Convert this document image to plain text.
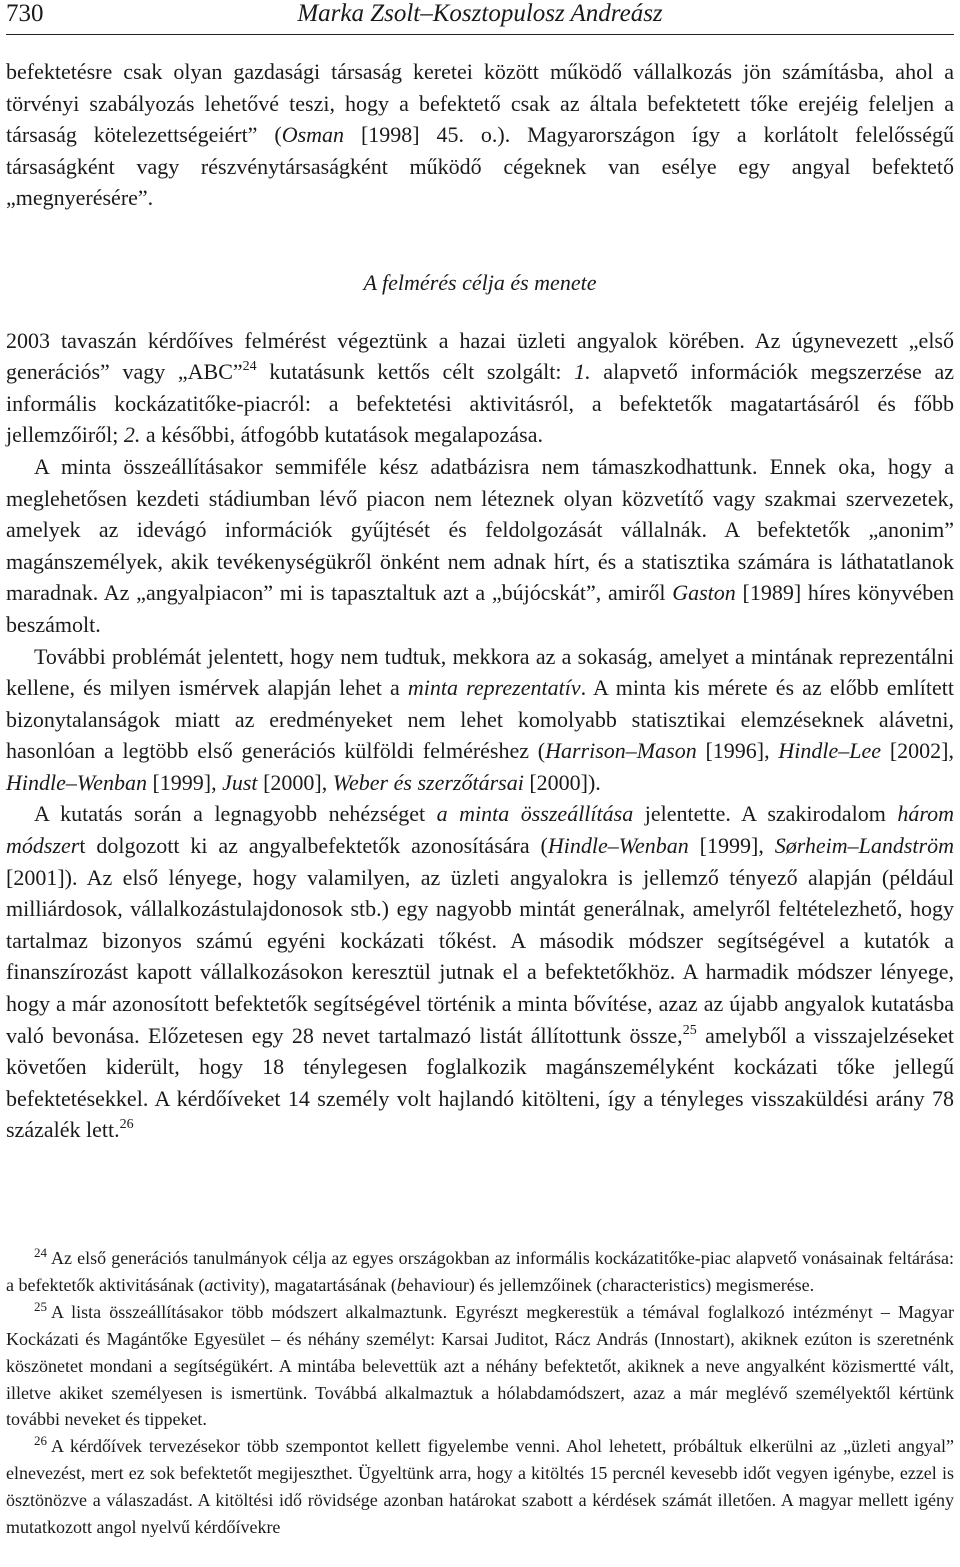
730	Marka Zsolt–Kosztopulosz Andreász

befektetésre csak olyan gazdasági társaság keretei között működő vállalkozás jön számításba, ahol a törvényi szabályozás lehetővé teszi, hogy a befektető csak az általa befektetett tőke erejéig feleljen a társaság kötelezettségeiért” (Osman [1998] 45. o.). Magyarországon így a korlátolt felelősségű társaságként vagy részvénytársaságként működő cégeknek van esélye egy angyal befektető „megnyerésére”.

A felmérés célja és menete

2003 tavaszán kérdőíves felmérést végeztünk a hazai üzleti angyalok körében. Az úgynevezett „első generációs” vagy „ABC”$^{24}$ kutatásunk kettős célt szolgált: 1. alapvető információk megszerzése az informális kockázatitőke-piacról: a befektetési aktivitásról, a befektetők magatartásáról és főbb jellemzőiről; 2. a későbbi, átfogóbb kutatások megalapozása.

A minta összeállításakor semmiféle kész adatbázisra nem támaszkodhattunk. Ennek oka, hogy a meglehetősen kezdeti stádiumban lévő piacon nem léteznek olyan közvetítő vagy szakmai szervezetek, amelyek az idevágó információk gyűjtését és feldolgozását vállalnák. A befektetők „anonim” magánszemélyek, akik tevékenységükről önként nem adnak hírt, és a statisztika számára is láthatatlanok maradnak. Az „angyalpiacon” mi is tapasztaltuk azt a „bújócskát”, amiről Gaston [1989] híres könyvében beszámolt.

További problémát jelentett, hogy nem tudtuk, mekkora az a sokaság, amelyet a mintának reprezentálni kellene, és milyen ismérvek alapján lehet a minta reprezentatív. A minta kis mérete és az előbb említett bizonytalanságok miatt az eredményeket nem lehet komolyabb statisztikai elemzéseknek alávetni, hasonlóan a legtöbb első generációs külföldi felméréshez (Harrison–Mason [1996], Hindle–Lee [2002], Hindle–Wenban [1999], Just [2000], Weber és szerzőtársai [2000]).

A kutatás során a legnagyobb nehézséget a minta összeállítása jelentette. A szakirodalom három módszert dolgozott ki az angyalbefektetők azonosítására (Hindle–Wenban [1999], Sørheim–Landström [2001]). Az első lényege, hogy valamilyen, az üzleti angyalokra is jellemző tényező alapján (például milliárdosok, vállalkozástulajdonosok stb.) egy nagyobb mintát generálnak, amelyről feltételezhető, hogy tartalmaz bizonyos számú egyéni kockázati tőkést. A második módszer segítségével a kutatók a finanszírozást kapott vállalkozásokon keresztül jutnak el a befektetőkhöz. A harmadik módszer lényege, hogy a már azonosított befektetők segítségével történik a minta bővítése, azaz az újabb angyalok kutatásba való bevonása. Előzetesen egy 28 nevet tartalmazó listát állítottunk össze,$^{25}$ amelyből a visszajelzéseket követően kiderült, hogy 18 ténylegesen foglalkozik magánszemélyként kockázati tőke jellegű befektetésekkel. A kérdőíveket 14 személy volt hajlandó kitölteni, így a tényleges visszaküldési arány 78 százalék lett.$^{26}$

$^{24}$ Az első generációs tanulmányok célja az egyes országokban az informális kockázatitőke-piac alapvető vonásainak feltárása: a befektetők aktivitásának (activity), magatartásának (behaviour) és jellemzőinek (characteristics) megismerése.

$^{25}$ A lista összeállításakor több módszert alkalmaztunk. Egyrészt megkerestük a témával foglalkozó intézményt – Magyar Kockázati és Magántőke Egyesület – és néhány személyt: Karsai Juditot, Rácz András (Innostart), akiknek ezúton is szeretnénk köszönetet mondani a segítségükért. A mintába belevettük azt a néhány befektetőt, akiknek a neve angyalként közismertté vált, illetve akiket személyesen is ismertünk. Továbbá alkalmaztuk a hólabdamódszert, azaz a már meglévő személyektől kértünk további neveket és tippeket.

$^{26}$ A kérdőívek tervezésekor több szempontot kellett figyelembe venni. Ahol lehetett, próbáltuk elkerülni az „üzleti angyal” elnevezést, mert ez sok befektetőt megijeszthet. Ügyeltünk arra, hogy a kitöltés 15 percnél kevesebb időt vegyen igénybe, ezzel is ösztönözve a válaszadást. A kitöltési idő rövidsége azonban határokat szabott a kérdések számát illetően. A magyar mellett igény mutatkozott angol nyelvű kérdőívekre
